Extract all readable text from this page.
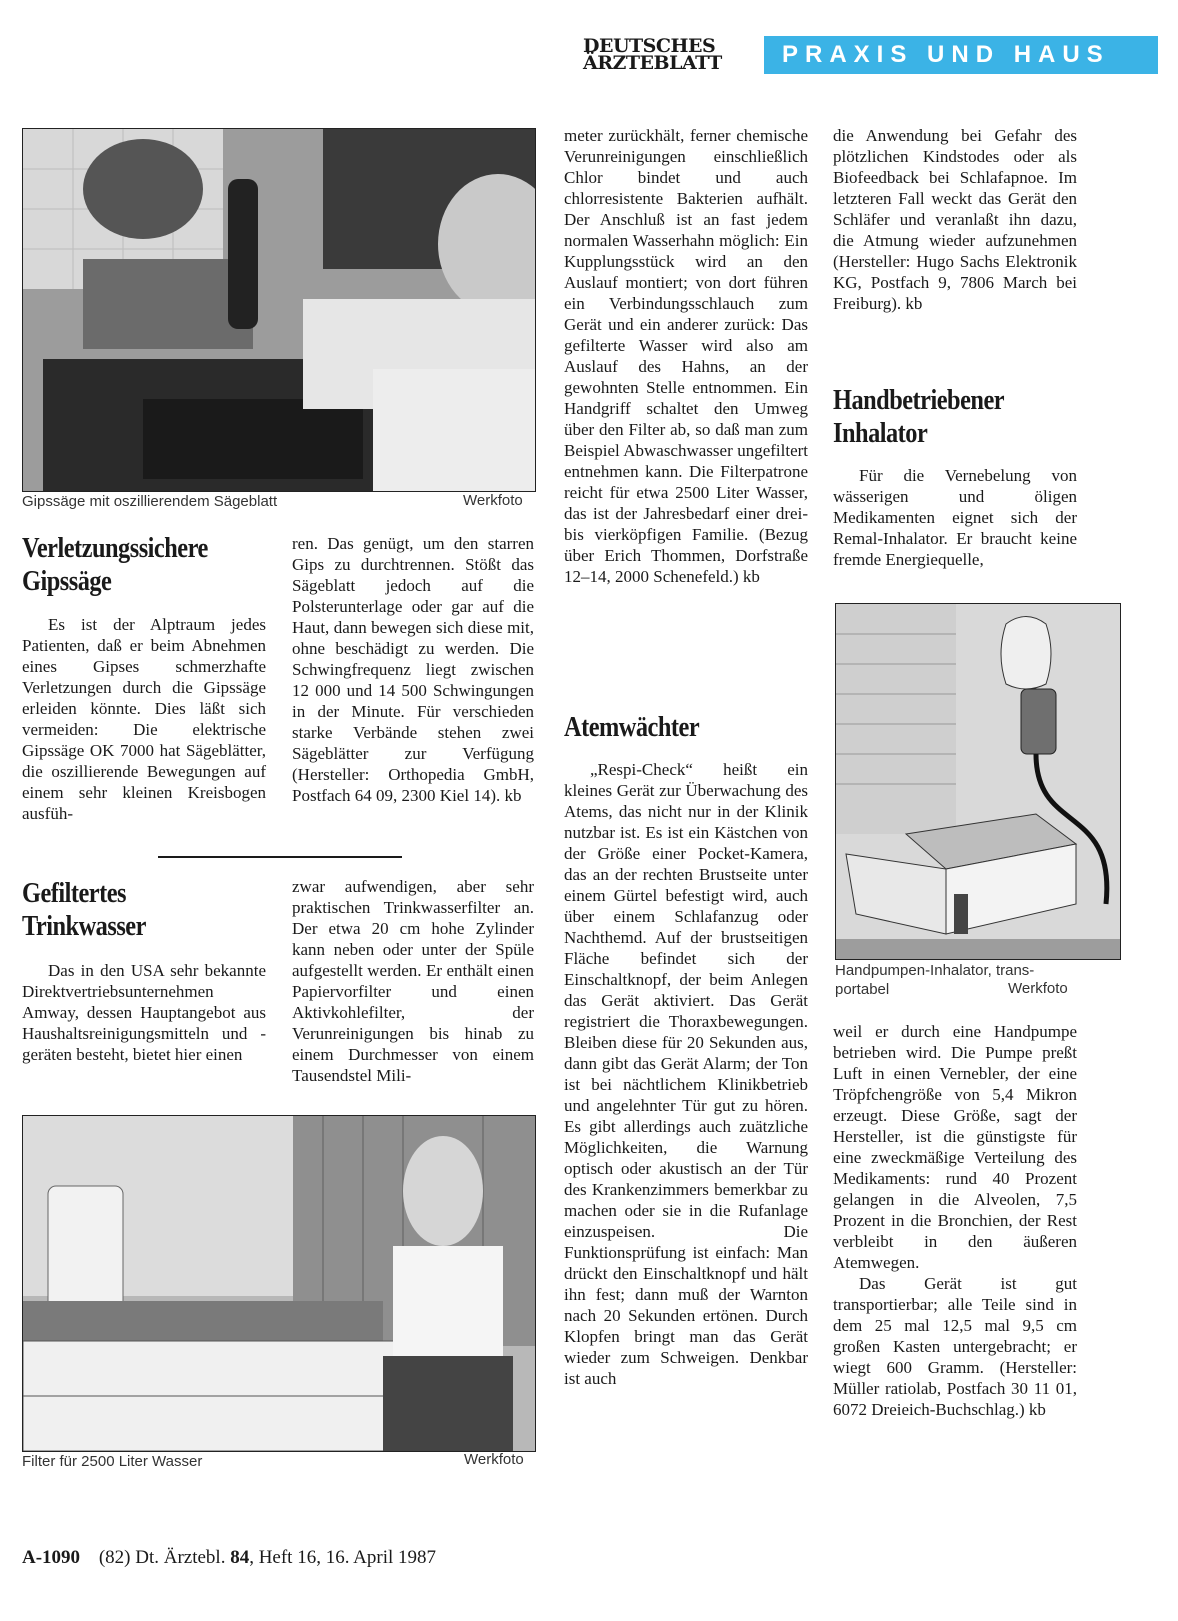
DEUTSCHES
ÄRZTEBLATT	PRAXIS UND HAUS
Gipssäge mit oszillierendem Sägeblatt	Werkfoto
Verletzungssichere
Gipssäge

Es ist der Alptraum jedes Patienten, daß er beim Abnehmen eines Gipses schmerzhafte Verletzungen durch die Gipssäge erleiden könnte. Dies läßt sich vermeiden: Die elektrische Gipssäge OK 7000 hat Sägeblätter, die oszillierende Bewegungen auf einem sehr kleinen Kreisbogen ausfüh-

ren. Das genügt, um den starren Gips zu durchtrennen. Stößt das Sägeblatt jedoch auf die Polsterunterlage oder gar auf die Haut, dann bewegen sich diese mit, ohne beschädigt zu werden. Die Schwingfrequenz liegt zwischen 12 000 und 14 500 Schwingungen in der Minute. Für verschieden starke Verbände stehen zwei Sägeblätter zur Verfügung (Hersteller: Orthopedia GmbH, Postfach 64 09, 2300 Kiel 14). kb

Gefiltertes
Trinkwasser

Das in den USA sehr bekannte Direktvertriebsunternehmen Amway, dessen Hauptangebot aus Haushaltsreinigungsmitteln und -geräten besteht, bietet hier einen

zwar aufwendigen, aber sehr praktischen Trinkwasserfilter an. Der etwa 20 cm hohe Zylinder kann neben oder unter der Spüle aufgestellt werden. Er enthält einen Papiervorfilter und einen Aktivkohlefilter, der Verunreinigungen bis hinab zu einem Durchmesser von einem Tausendstel Mili-

Filter für 2500 Liter Wasser	Werkfoto

meter zurückhält, ferner chemische Verunreinigungen einschließlich Chlor bindet und auch chlorresistente Bakterien aufhält. Der Anschluß ist an fast jedem normalen Wasserhahn möglich: Ein Kupplungsstück wird an den Auslauf montiert; von dort führen ein Verbindungsschlauch zum Gerät und ein anderer zurück: Das gefilterte Wasser wird also am Auslauf des Hahns, an der gewohnten Stelle entnommen. Ein Handgriff schaltet den Umweg über den Filter ab, so daß man zum Beispiel Abwaschwasser ungefiltert entnehmen kann. Die Filterpatrone reicht für etwa 2500 Liter Wasser, das ist der Jahresbedarf einer drei- bis vierköpfigen Familie. (Bezug über Erich Thommen, Dorfstraße 12–14, 2000 Schenefeld.) kb

Atemwächter

„Respi-Check“ heißt ein kleines Gerät zur Überwachung des Atems, das nicht nur in der Klinik nutzbar ist. Es ist ein Kästchen von der Größe einer Pocket-Kamera, das an der rechten Brustseite unter einem Gürtel befestigt wird, auch über einem Schlafanzug oder Nachthemd. Auf der brustseitigen Fläche befindet sich der Einschaltknopf, der beim Anlegen das Gerät aktiviert. Das Gerät registriert die Thoraxbewegungen. Bleiben diese für 20 Sekunden aus, dann gibt das Gerät Alarm; der Ton ist bei nächtlichem Klinikbetrieb und angelehnter Tür gut zu hören. Es gibt allerdings auch zuätzliche Möglichkeiten, die Warnung optisch oder akustisch an der Tür des Krankenzimmers bemerkbar zu machen oder sie in die Rufanlage einzuspeisen. Die Funktionsprüfung ist einfach: Man drückt den Einschaltknopf und hält ihn fest; dann muß der Warnton nach 20 Sekunden ertönen. Durch Klopfen bringt man das Gerät wieder zum Schweigen. Denkbar ist auch

die Anwendung bei Gefahr des plötzlichen Kindstodes oder als Biofeedback bei Schlafapnoe. Im letzteren Fall weckt das Gerät den Schläfer und veranlaßt ihn dazu, die Atmung wieder aufzunehmen (Hersteller: Hugo Sachs Elektronik KG, Postfach 9, 7806 March bei Freiburg). kb

Handbetriebener
Inhalator

Für die Vernebelung von wässerigen und öligen Medikamenten eignet sich der Remal-Inhalator. Er braucht keine fremde Energiequelle,

Handpumpen-Inhalator, trans-
portabel	Werkfoto

weil er durch eine Handpumpe betrieben wird. Die Pumpe preßt Luft in einen Vernebler, der eine Tröpfchengröße von 5,4 Mikron erzeugt. Diese Größe, sagt der Hersteller, ist die günstigste für eine zweckmäßige Verteilung des Medikaments: rund 40 Prozent gelangen in die Alveolen, 7,5 Prozent in die Bronchien, der Rest verbleibt in den äußeren Atemwegen.

Das Gerät ist gut transportierbar; alle Teile sind in dem 25 mal 12,5 mal 9,5 cm großen Kasten untergebracht; er wiegt 600 Gramm. (Hersteller: Müller ratiolab, Postfach 30 11 01, 6072 Dreieich-Buchschlag.) kb

A-1090 (82) Dt. Ärztebl. 84, Heft 16, 16. April 1987
